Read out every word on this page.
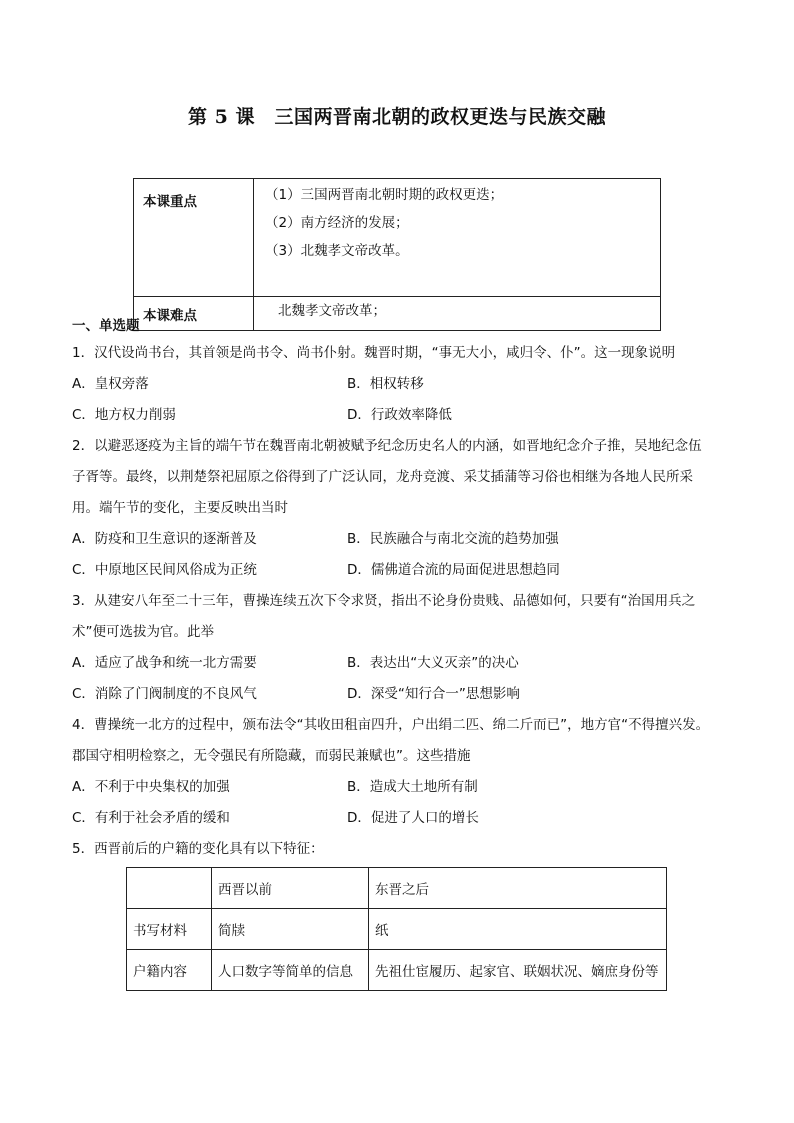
第 5 课　三国两晋南北朝的政权更迭与民族交融
本课重点	（1）三国两晋南北朝时期的政权更迭；
（2）南方经济的发展；
（3）北魏孝文帝改革。

本课难点	北魏孝文帝改革；
一、单选题
1．汉代设尚书台，其首领是尚书令、尚书仆射。魏晋时期，“事无大小，咸归令、仆”。这一现象说明
A．皇权旁落	B．相权转移
C．地方权力削弱	D．行政效率降低
2．以避恶逐疫为主旨的端午节在魏晋南北朝被赋予纪念历史名人的内涵，如晋地纪念介子推，吴地纪念伍
子胥等。最终，以荆楚祭祀屈原之俗得到了广泛认同，龙舟竞渡、采艾插蒲等习俗也相继为各地人民所采
用。端午节的变化，主要反映出当时
A．防疫和卫生意识的逐渐普及	B．民族融合与南北交流的趋势加强
C．中原地区民间风俗成为正统	D．儒佛道合流的局面促进思想趋同
3．从建安八年至二十三年，曹操连续五次下令求贤，指出不论身份贵贱、品德如何，只要有“治国用兵之
术”便可选拔为官。此举
A．适应了战争和统一北方需要	B．表达出“大义灭亲”的决心
C．消除了门阀制度的不良风气	D．深受“知行合一”思想影响
4．曹操统一北方的过程中，颁布法令“其收田租亩四升，户出绢二匹、绵二斤而已”，地方官“不得擅兴发。
郡国守相明检察之，无令强民有所隐藏，而弱民兼赋也”。这些措施
A．不利于中央集权的加强	B．造成大土地所有制
C．有利于社会矛盾的缓和	D．促进了人口的增长
5．西晋前后的户籍的变化具有以下特征：
	西晋以前	东晋之后
书写材料	简牍	纸
户籍内容	人口数字等简单的信息	先祖仕宦履历、起家官、联姻状况、嫡庶身份等
